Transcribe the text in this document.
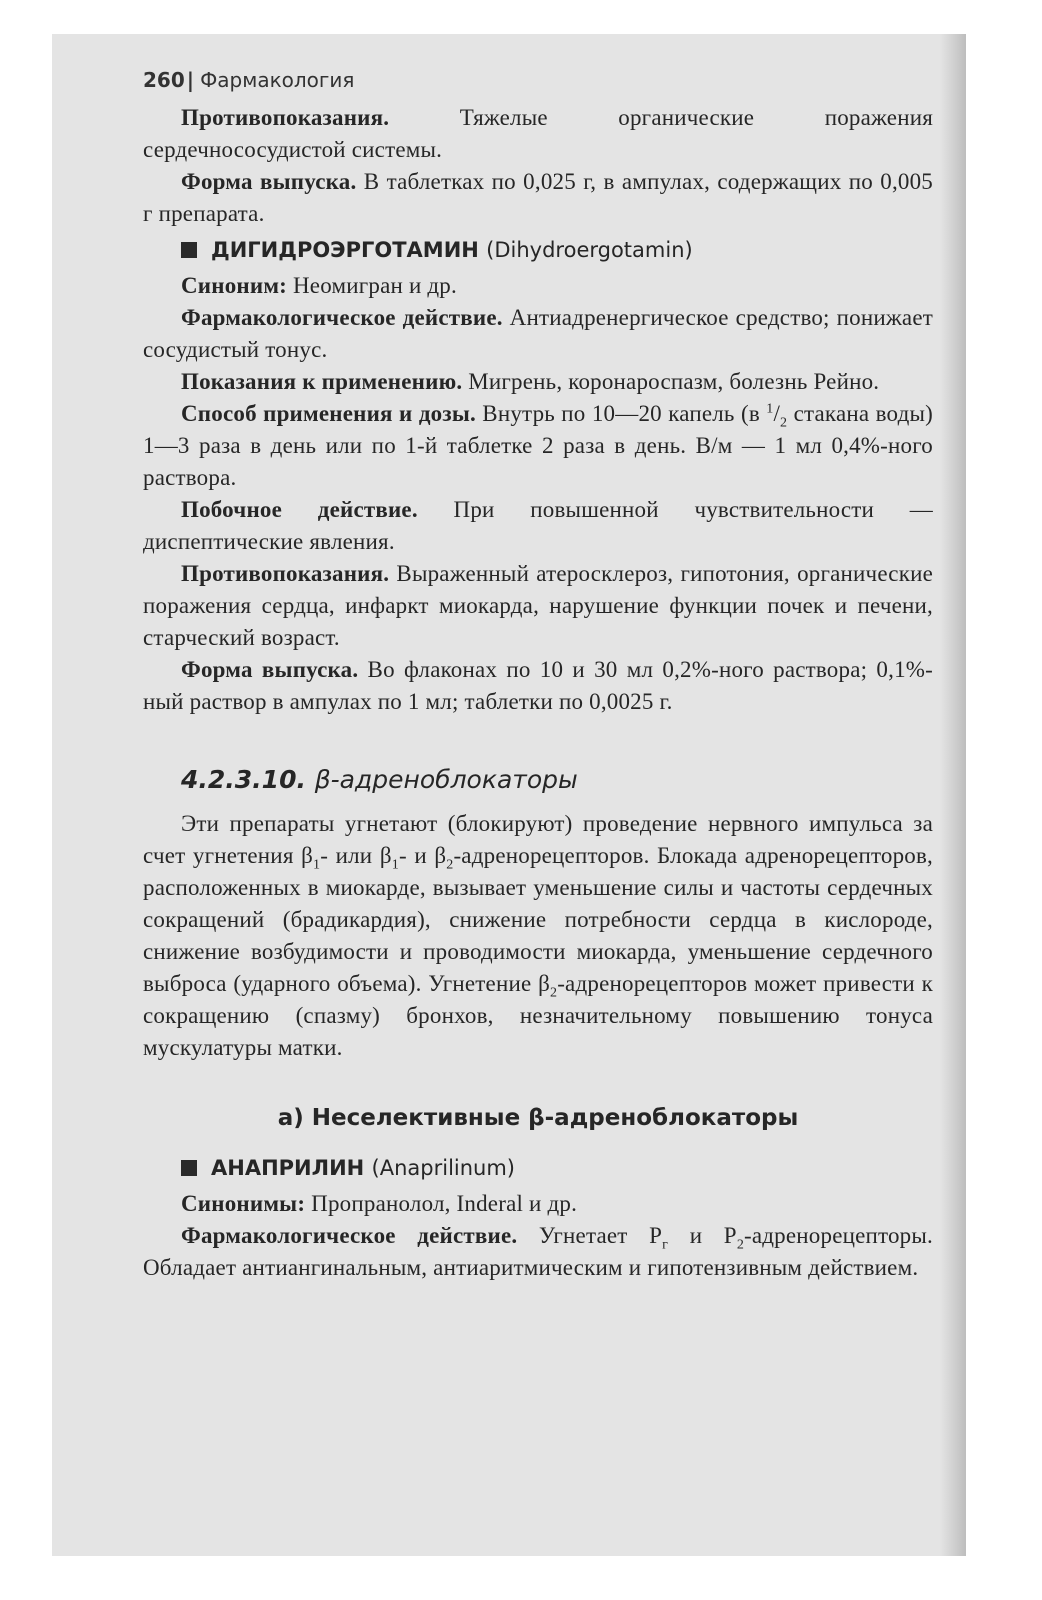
260 | Фармакология

Противопоказания. Тяжелые органические поражения сердечнососудистой системы.

Форма выпуска. В таблетках по 0,025 г, в ампулах, содержащих по 0,005 г препарата.

ДИГИДРОЭРГОТАМИН
(Dihydroergotamin)

Синоним: Неомигран и др.

Фармакологическое действие. Антиадренергическое средство; понижает сосудистый тонус.

Показания к применению. Мигрень, коронароспазм, болезнь Рейно.

Способ применения и дозы. Внутрь по 10—20 капель (в $^1/_2$ стакана воды) 1—3 раза в день или по 1-й таблетке 2 раза в день. В/м — 1 мл 0,4%-ного раствора.

Побочное действие. При повышенной чувствительности — диспептические явления.

Противопоказания. Выраженный атеросклероз, гипотония, органические поражения сердца, инфаркт миокарда, нарушение функции почек и печени, старческий возраст.

Форма выпуска. Во флаконах по 10 и 30 мл 0,2%-ного раствора; 0,1%-ный раствор в ампулах по 1 мл; таблетки по 0,0025 г.

4.2.3.10. β-адреноблокаторы

Эти препараты угнетают (блокируют) проведение нервного импульса за счет угнетения $\beta_1-$ или $\beta_1-$ и $\beta_2$-адренорецепторов. Блокада адренорецепторов, расположенных в миокарде, вызывает уменьшение силы и частоты сердечных сокращений (брадикардия), снижение потребности сердца в кислороде, снижение возбудимости и проводимости миокарда, уменьшение сердечного выброса (ударного объема). Угнетение $\beta_2$-адренорецепторов может привести к сокращению (спазму) бронхов, незначительному повышению тонуса мускулатуры матки.

а) Неселективные β-адреноблокаторы
АНАПРИЛИН
(Anaprilinum)

Синонимы: Пропранолол, Inderal и др.

Фармакологическое действие. Угнетает $P_г$ и $P_2$-адренорецепторы. Обладает антиангинальным, антиаритмическим и гипотензивным действием.
